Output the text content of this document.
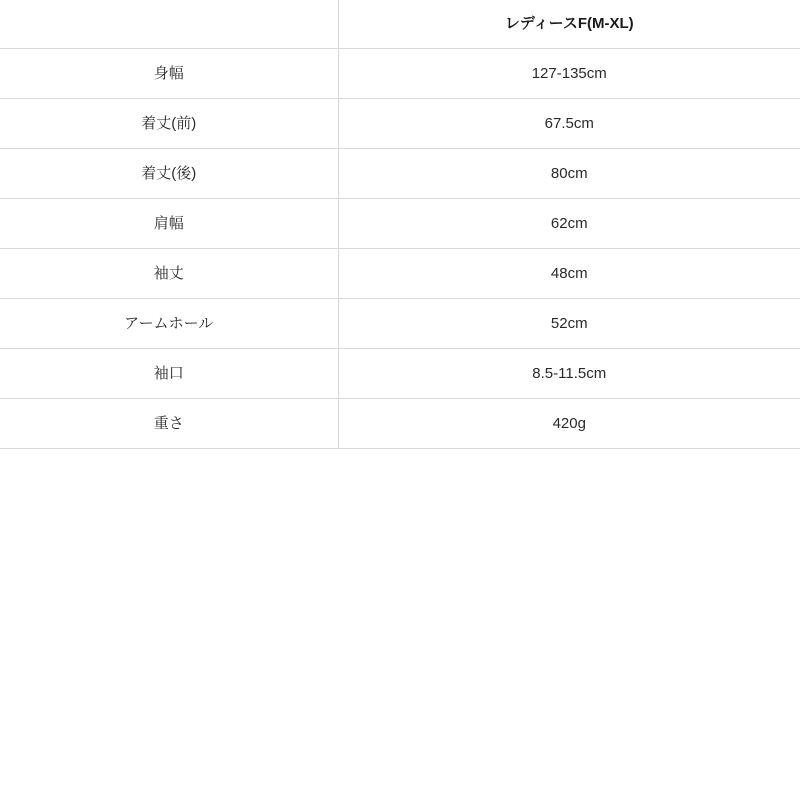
	レディースF(M-XL)
身幅	127-135cm
着丈(前)	67.5cm
着丈(後)	80cm
肩幅	62cm
袖丈	48cm
アームホール	52cm
袖口	8.5-11.5cm
重さ	420g
